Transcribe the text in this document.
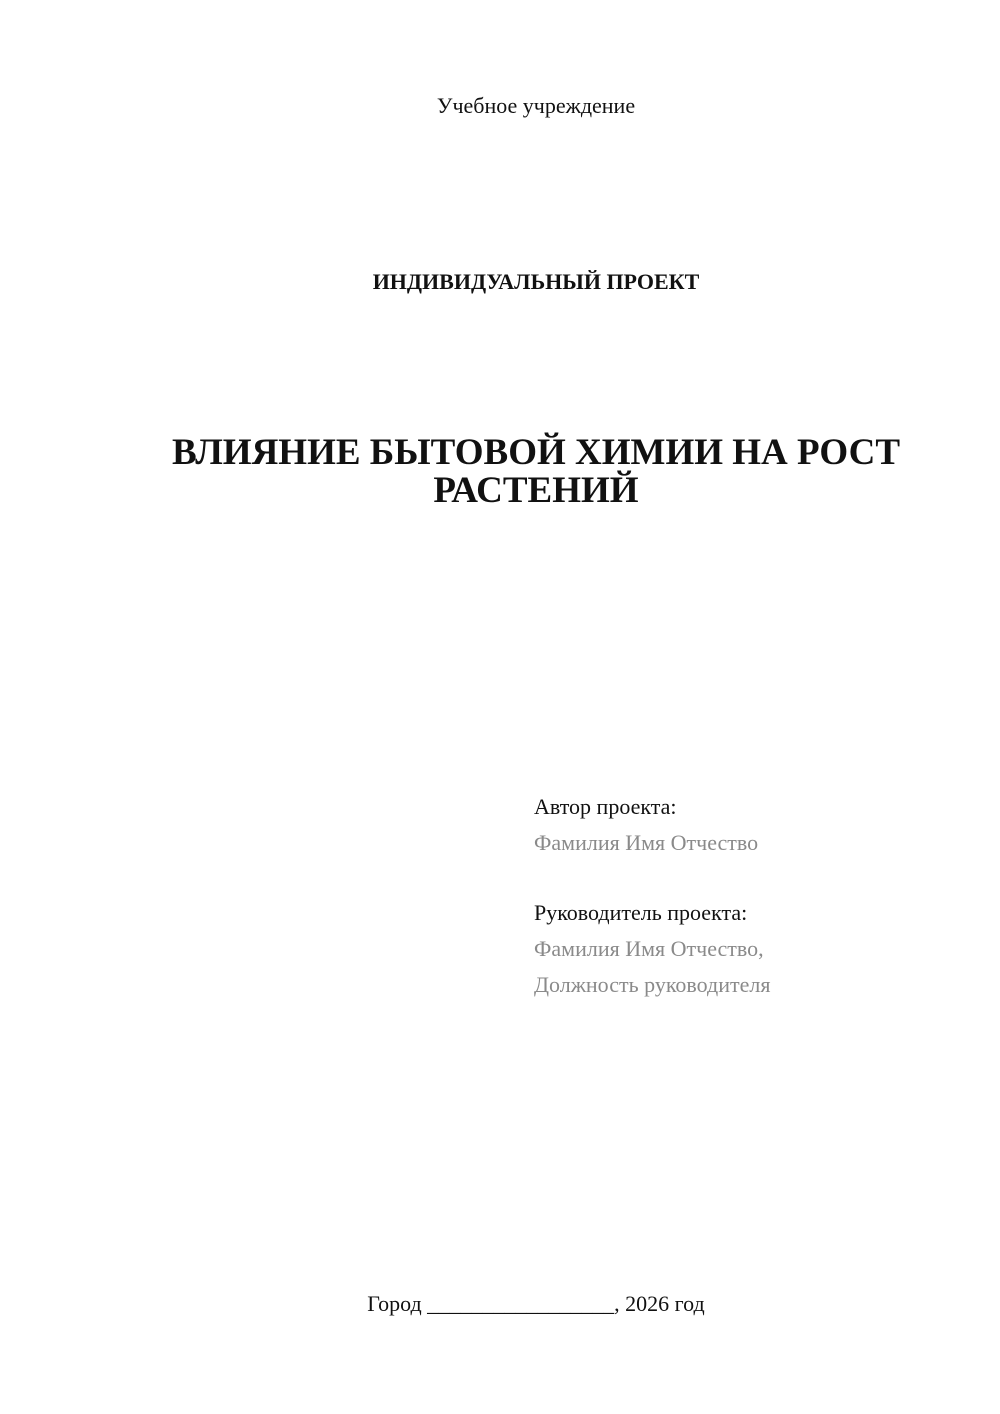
Учебное учреждение
ИНДИВИДУАЛЬНЫЙ ПРОЕКТ
ВЛИЯНИЕ БЫТОВОЙ ХИМИИ НА РОСТ РАСТЕНИЙ
Автор проекта:
Фамилия Имя Отчество
Руководитель проекта:
Фамилия Имя Отчество,
Должность руководителя
Город _________________, 2026 год
